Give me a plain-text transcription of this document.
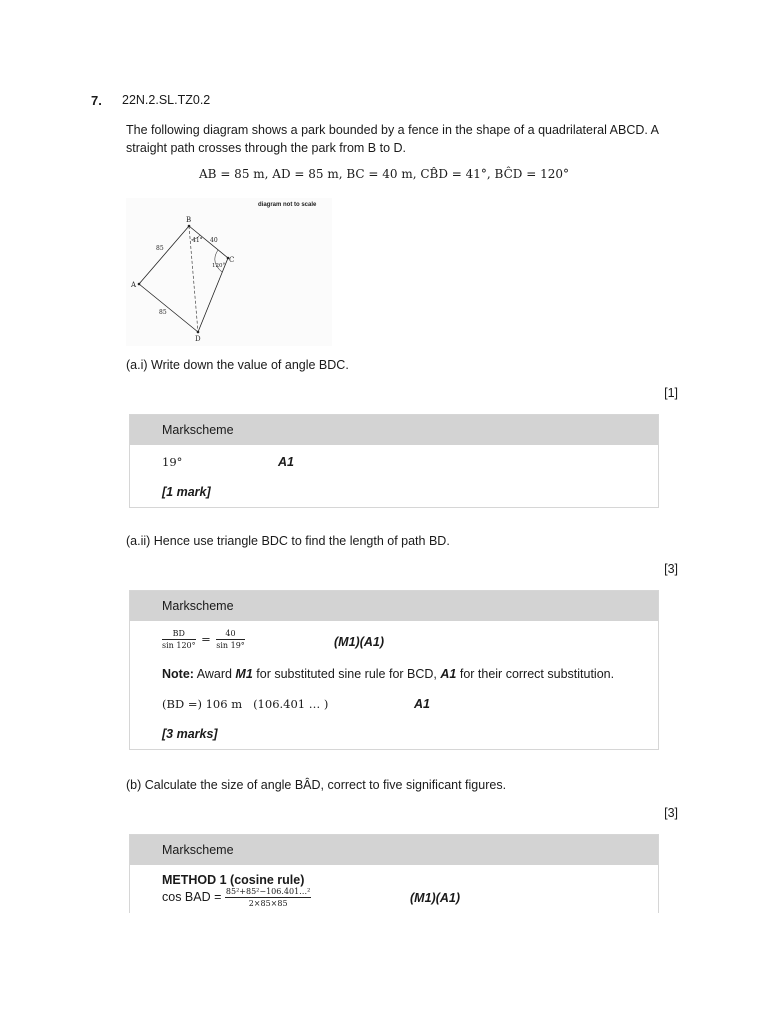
7. 22N.2.SL.TZ0.2
The following diagram shows a park bounded by a fence in the shape of a quadrilateral ABCD. A straight path crosses through the park from B to D.
AB = 85 m, AD = 85 m, BC = 40 m, CB̂D = 41°, BĈD = 120°
diagram not to scale
A
B
C
D
85
85
40
41°
120°
(a.i) Write down the value of angle BDC.
[1]
Markscheme
19°	A1
[1 mark]
(a.ii) Hence use triangle BDC to find the length of path BD.
[3]
Markscheme
$\frac{BD}{\sin 120^\circ} = \frac{40}{\sin 19^\circ}$	(M1)(A1)
Note: Award M1 for substituted sine rule for BCD, A1 for their correct substitution.
(BD =) 106 m   (106.401 … )	A1
[3 marks]
(b) Calculate the size of angle BÂD, correct to five significant figures.
[3]
Markscheme
METHOD 1 (cosine rule)
cos BAD = $\frac{\text{85²+85²−106.401…²}}{2\times 85\times 85}$	(M1)(A1)
